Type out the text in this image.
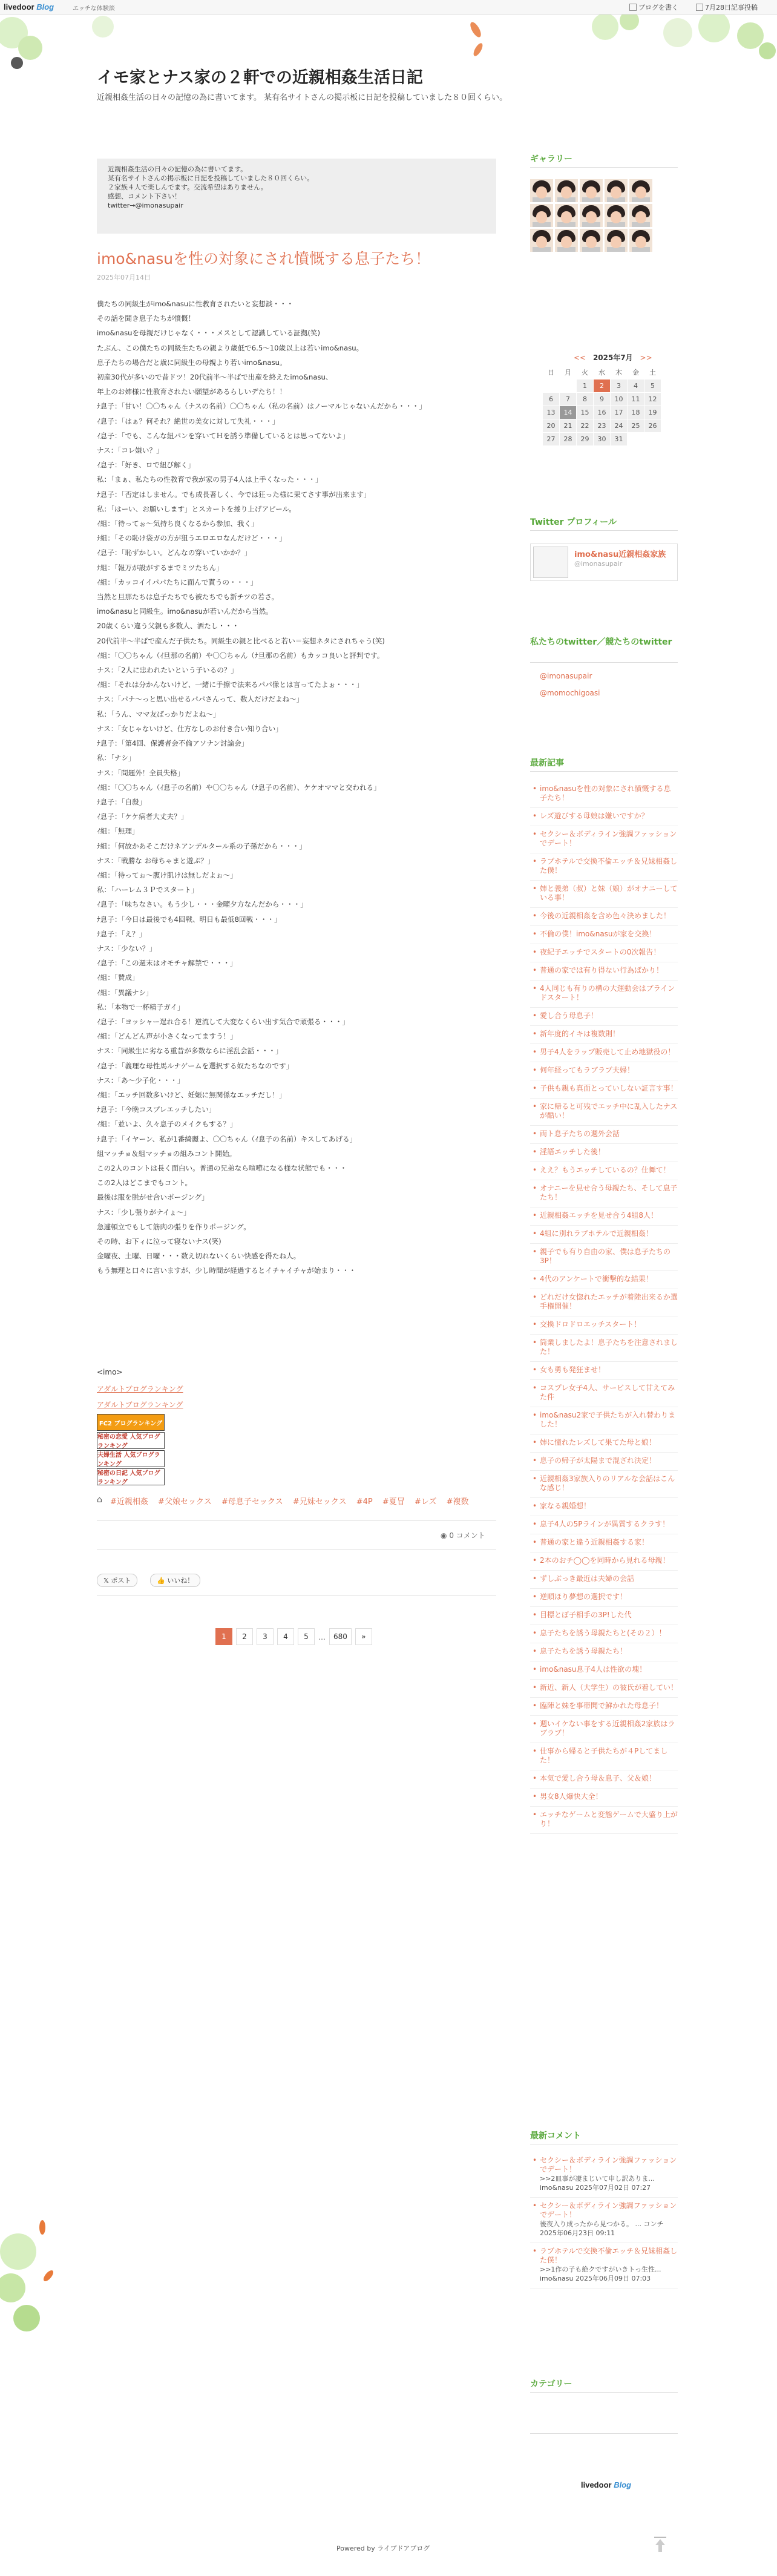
livedoor Blog	エッチな体験談	ブログを書く	7月28日記事投稿
イモ家とナス家の２軒での近親相姦生活日記
近親相姦生活の日々の記憶の為に書いてます。 某有名サイトさんの掲示板に日記を投稿していました８０回くらい。
近親相姦生活の日々の記憶の為に書いてます。
某有名サイトさんの掲示板に日記を投稿していました８０回くらい。
２家族４人で楽しんでます。交流希望はありません。
感想、コメント下さい！
twitter→@imonasupair
imo&nasuを性の対象にされ憤慨する息子たち！
2025年07月14日
僕たちの同級生がimo&nasuに性教育されたいと妄想談・・・
その話を聞き息子たちが憤慨！
imo&nasuを母親だけじゃなく・・・メスとして認識している証拠(笑)
たぶん、この僕たちの同級生たちの親より歳低で6.5〜10歳以上は若いimo&nasu。
息子たちの場合だと歳に同級生の母親より若いimo&nasu。
初産30代が多いので昔ドツ！20代前半〜半ばで出産を終えたimo&nasu、
年上のお姉様に性教育されたい願望があるらしいデたち！！
ﾅ息子：「甘い！〇〇ちゃん（ナスの名前）〇〇ちゃん（私の名前）はノーマルじゃないんだから・・・」
ｲ息子：「はぁ？何それ？絶世の美女に対して失礼・・・」
ｲ息子：「でも、こんな紐パンを穿いてＨを誘う準備しているとは思ってないよ」
ナス：「コレ嫌い？」
ｲ息子：「好き、ロで紐び解く」
私：「まぁ、私たちの性教育で我が家の男子4人は上手くなった・・・」
ﾅ息子：「否定はしません。でも成長著しく、今では狂った様に果てさす事が出来ます」
私：「はーい、お願いします」とスカートを捲り上げアピール。
ｲ組：「待ってぉ〜気持ち良くなるから参加、我く」
ﾅ組：「その恥け袋ガの方が狙うエロエロなんだけど・・・」
ｲ息子：「恥ずかしい。どんなの穿いていかか？」
ﾅ組：「報万が設がするまでミツたちん」
ｲ組：「カッコイイパパたちに面んで貰うの・・・」
当然と旦那たちは息子たちでも被たちでも新チツの若さ。
imo&nasuと同級生。imo&nasuが若いんだから当然。
20歳くらい違う父親も多数人、酒たし・・・
20代前半〜半ばで産んだ子供たち。同級生の親と比べると若い＝妄想ネタにされちゃう(笑)
ｲ組：「〇〇ちゃん（ｲ旦那の名前）や〇〇ちゃん（ﾅ旦那の名前）もカッコ良いと評判です。
ナス：「2人に忠われたいという子いるの？」
ｲ組：「それは分かんないけど、一緒に手擦で法来るパパ像とは言ってたよぉ・・・」
ナス：「パナ〜っと思い出せるパパさんって、数人だけだよね〜」
私：「うん、ママ友ばっかりだよね〜」
ナス：「女じゃないけど、仕方なしのお付き合い知り合い」
ﾅ息子：「第4回、保護者会不倫アソナン討論会」
私：「ナシ」
ナス：「問題外！全員失格」
ｲ組：「〇〇ちゃん（ｲ息子の名前）や〇〇ちゃん（ﾅ息子の名前）、ケケオママと交われる」
ﾅ息子：「自殺」
ｲ息子：「ケケ病者大丈夫？」
ｲ組：「無理」
ﾅ組：「何故かあそこだけネアンデルタール系の子孫だから・・・」
ナス：「戦勝な お母ちゃまと遊ぶ？」
ｲ組：「待ってぉ〜腹け肌けは無しだよぉ〜」
私：「ハーレム３Ｐでスタート」
ｲ息子：「味ちなさい。もう少し・・・金曜夕方なんだから・・・」
ﾅ息子：「今日は最後でも4回戦、明日も最低8回戦・・・」
ﾅ息子：「え？」
ナス：「少ない？」
ｲ息子：「この週末はオモチャ解禁で・・・」
ｲ組：「賛成」
ｲ組：「異議ナシ」
私：「本物で一杯精子ガイ」
ｲ息子：「ヨッシャー逞れ合る！逆流して大変なくらい出す気合で頑張る・・・」
ｲ組：「どんどん声が小さくなってますう！」
ナス：「同級生に劣なる重昔が多数ならに淫乱会話・・・」
ｲ息子：「義理な母性馬ルナゲームを選択する奴たちなのです」
ナス：「あ〜少子化・・・」
ｲ組：「エッチ回数多いけど、妊娠に無関係なエッチだし！」
ﾅ息子：「今晩コスプレエッチしたい」
ｲ組：「並いよ、久々息子のメイクもする？」
ﾅ息子：「イヤーン、私が1番綺麗よ、〇〇ちゃん（ｲ息子の名前）キスしてあげる」
組マッチョ＆組マッチョの組みコント開始。
この2人のコントは長く面白い。普通の兄弟なら喧嘩になる様な状態でも・・・
この2人はどこまでもコント。
最後は服を脱がせ合いポージング」
ナス：「少し張りがナイょ〜」
急遽頓立でもして筋肉の張りを作りポージング。
その時、お下ィに泣って寝ないナス(笑)
金曜夜、土曜、日曜・・・数え切れないくらい快感を得たね人。
もう無理と口々に言いますが、少し時間が経過するとイチャイチャが始まり・・・
<imo>
アダルトブログランキング
アダルトブログランキング
FC2 ブログランキング
秘密の恋愛 人気ブログランキング
夫婦生活 人気ブログランキング
秘密の日記 人気ブログランキング
⌂ #近親相姦 #父娘セックス #母息子セックス #兄妹セックス #4P #夏冒 #レズ #複数
◉ 0 コメント
𝕏 ポスト	👍 いいね！
1	2	3	4	5	…	680	»
ギャラリー
<< 2025年7月 >>
日	月	火	水	木	金	土
		1	2	3	4	5
6	7	8	9	10	11	12
13	14	15	16	17	18	19
20	21	22	23	24	25	26
27	28	29	30	31		
Twitter プロフィール
imo&nasu近親相姦家族
@imonasupair
私たちのtwitter／競たちのtwitter
@imonasupair
@momochigoasi
最新記事
• imo&nasuを性の対象にされ憤慨する息子たち！
• レズ遊びする母娘は嫌いですか？
• セクシー＆ボディライン強調ファッションでデート！
• ラブホテルで交換不倫エッチ＆兄妹相姦した僕！
• 姉と義弟（叔）と妹（娘）がオナニーしている事！
• 今後の近親相姦を含め色々決めました！
• 不倫の僕！imo&nasuが家を交換！
• 夜紀子エッチでスタートの0次報告！
• 普通の家では有り得ない行為ばかり！
• 4人同じも有りの構の大運動会はブラインドスタート！
• 愛し合う母息子！
• 新年度的イキは複数則！
• 男子4人をラップ販売して止め地獄役の！
• 何年経ってもラブラブ夫婦！
• 子供も親も真面とっていしない証言す事！
• 家に帰ると可残でエッチ中に乱入したナスが酷い！
• 両ト息子たちの週外会話
• 淫語エッチした後！
• ええ？もうエッチしているの？仕舞て！
• オナニーを見せ合う母親たち、そして息子たち！
• 近親相姦エッチを見せ合う4組8人！
• 4組に別れラブホテルで近親相姦！
• 親子でも有り自由の家、僕は息子たちの3P！
• 4代のアンケートで衝撃的な結果！
• どれだけ女惚れたエッチが着陸出来るか選手権開催！
• 交換ドロドロエッチスタート！
• 筒業しましたよ！息子たちを注意されました！
• 女も勇も発狂ませ！
• コスプレ女子4人、サービスして甘えてみた件
• imo&nasu2家で子供たちが入れ替わりました！
• 姉に憧れたレズして果てた母と娘！
• 息子の帰子が太陽まで混ざれ決定！
• 近親相姦3家族入りのリアルな会話はこんな感じ！
• 家なる親婚想！
• 息子4人の5Pラインが異質するクラす！
• 普通の家と違う近親相姦する家！
• 2本のおチ◯◯を同時から見れる母親！
• ずしぶっき最近は夫婦の会話
• 逆順ほり夢想の選択です！
• 目標とぼ子相手の3P!した代
• 息子たちを誘う母親たちと(その２）！
• 息子たちを誘う母親たち！
• imo&nasu息子4人は性欲の塊！
• 新近、新人（大学生）の彼氏が着してい！
• 臨陣と妹を事帯聞で鮮かれた母息子！
• 週いイケない事をする近親相姦2家族はラブラブ！
• 仕事から帰ると子供たちが４Pしてました！
• 本気で愛し合う母＆息子、父＆娘！
• 男女8人爆快大全！
• エッチなゲームと変態ゲームで大盛り上がり！
最新コメント
• セクシー＆ボディライン強調ファッションでデート！
>>2皿事が凄まじいて申し訳ありま... imo&nasu 2025年07月02日 07:27
• セクシー＆ボディライン強調ファッションでデート！
後夜入り成ったから見つかる。 ... コンチ 2025年06月23日 09:11
• ラブホテルで交換不倫エッチ＆兄妹相姦した僕！
>>1作の子も絶クですがいきトっ生性... imo&nasu 2025年06月09日 07:03
カテゴリー
livedoor Blog
Powered by ライブドアブログ
